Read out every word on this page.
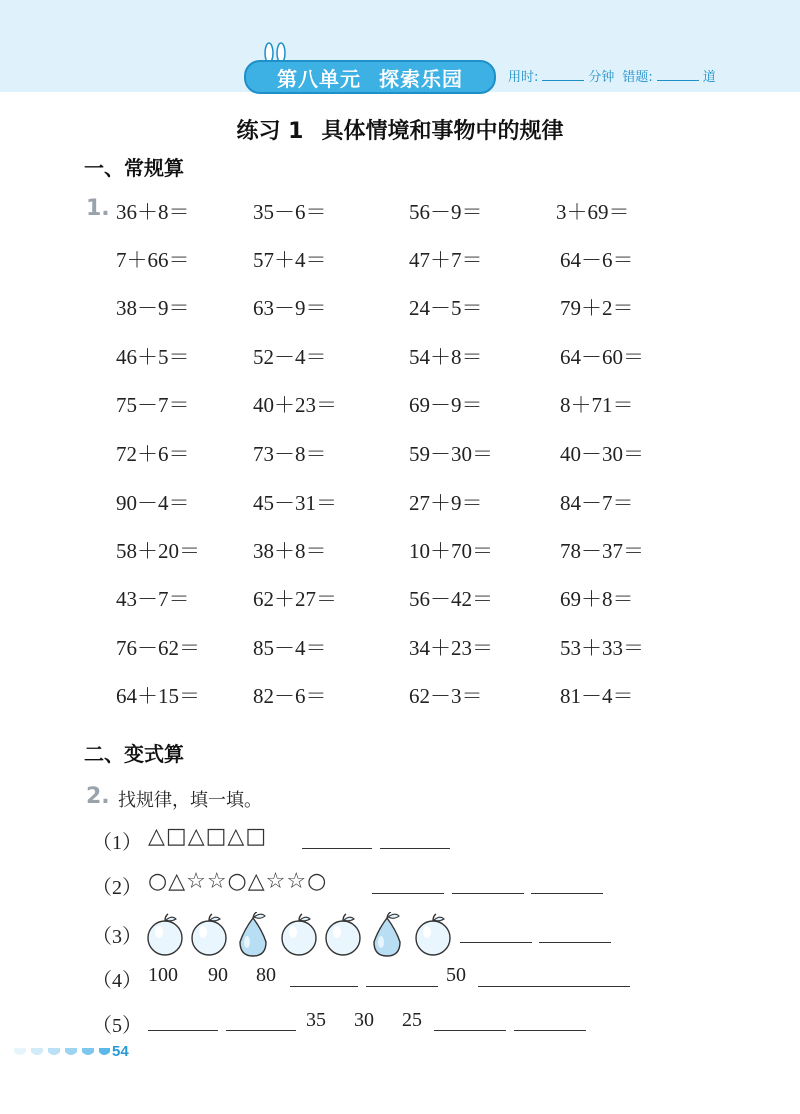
第八单元 探索乐园	用时:	分钟 错题:	道
练习 1 具体情境和事物中的规律
一、常规算
1. 36＋8＝	35－6＝	56－9＝	3＋69＝
7＋66＝	57＋4＝	47＋7＝	64－6＝
38－9＝	63－9＝	24－5＝	79＋2＝
46＋5＝	52－4＝	54＋8＝	64－60＝
75－7＝	40＋23＝	69－9＝	8＋71＝
72＋6＝	73－8＝	59－30＝	40－30＝
90－4＝	45－31＝	27＋9＝	84－7＝
58＋20＝	38＋8＝	10＋70＝	78－37＝
43－7＝	62＋27＝	56－42＝	69＋8＝
76－62＝	85－4＝	34＋23＝	53＋33＝
64＋15＝	82－6＝	62－3＝	81－4＝
二、变式算
2. 找规律，填一填。
（1） △□△□△□
（2） ○△☆☆○△☆☆○
（3）
（4） 100 90 80	50
（5）	35 30 25
54
